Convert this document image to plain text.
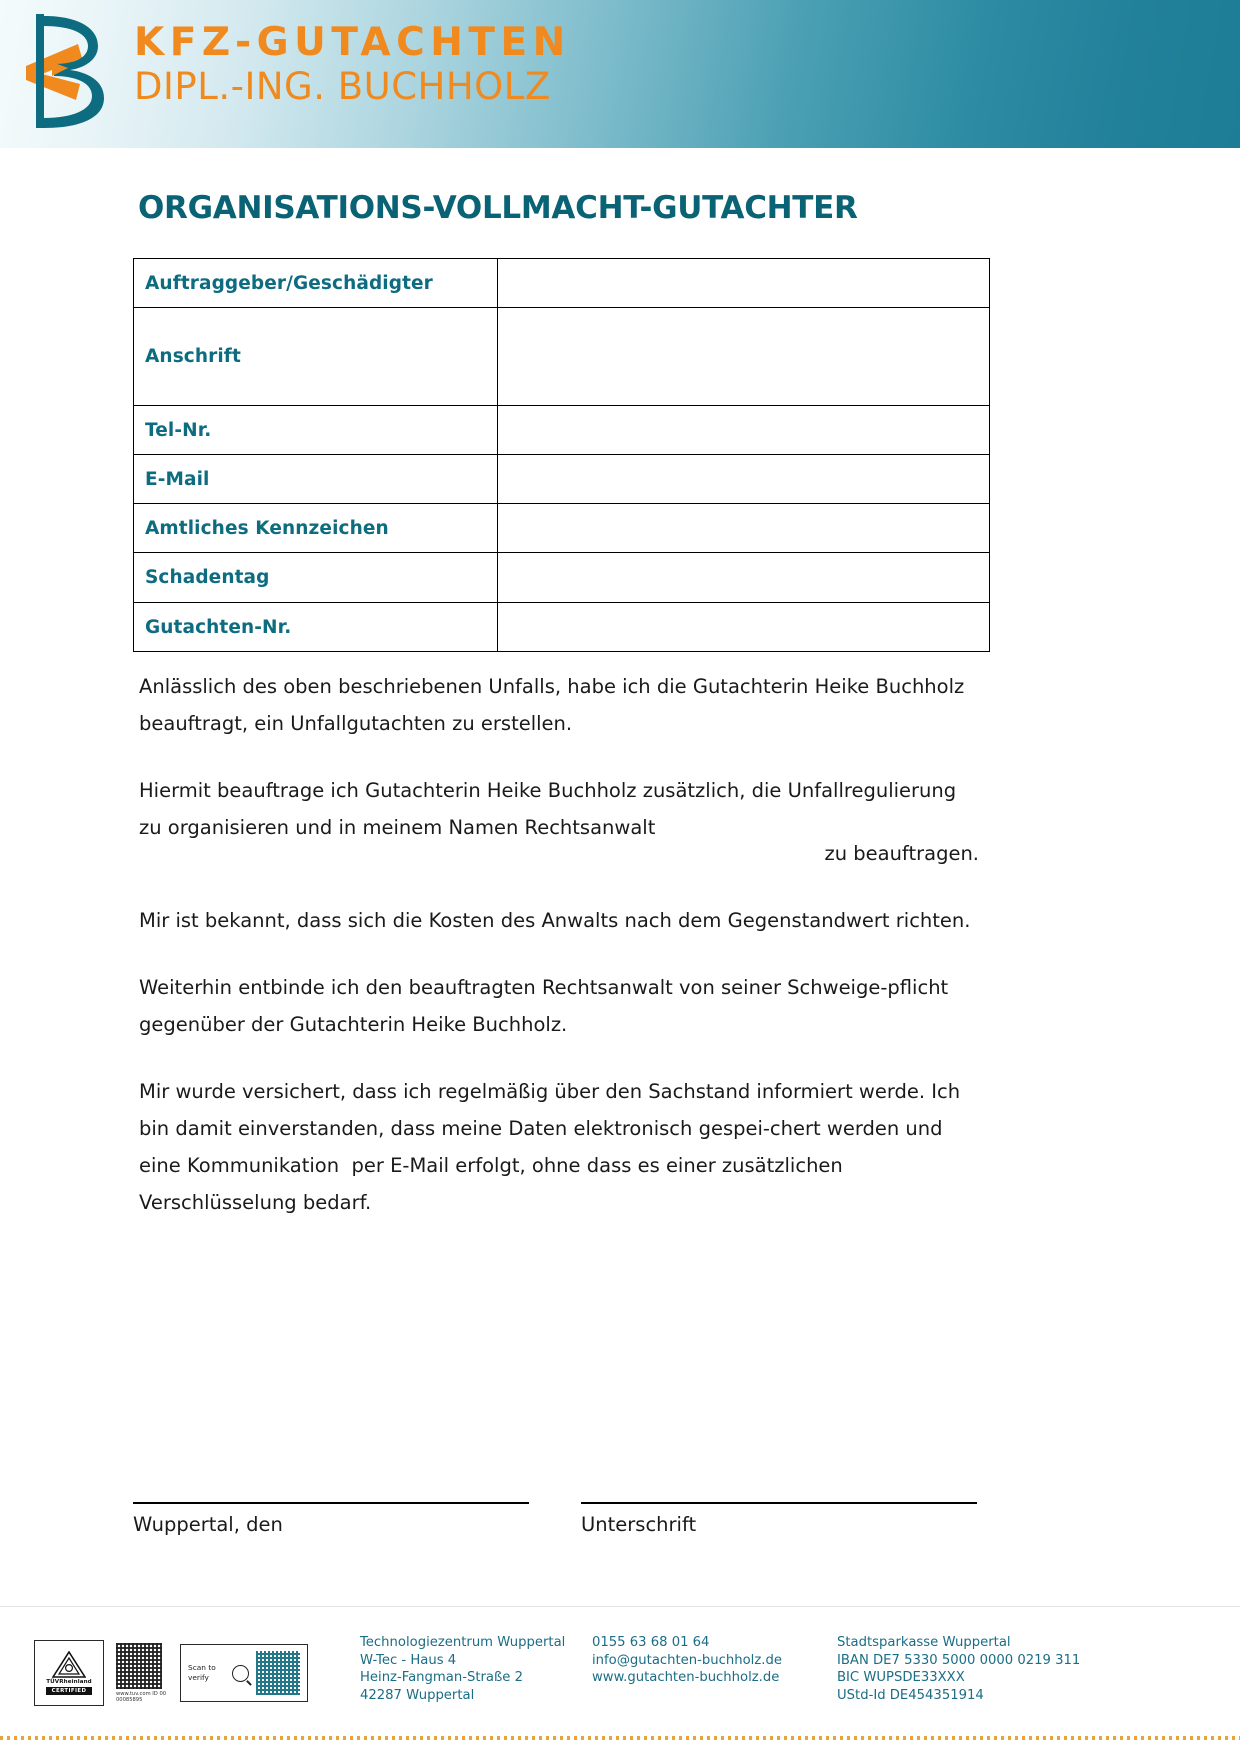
KFZ-GUTACHTEN
DIPL.-ING. BUCHHOLZ
ORGANISATIONS-VOLLMACHT-GUTACHTER
Auftraggeber/Geschädigter	
Anschrift	
Tel-Nr.	
E-Mail	
Amtliches Kennzeichen	
Schadentag	
Gutachten-Nr.	

Anlässlich des oben beschriebenen Unfalls, habe ich die Gutachterin Heike Buchholz beauftragt, ein Unfallgutachten zu erstellen.

Hiermit beauftrage ich Gutachterin Heike Buchholz zusätzlich, die Unfallregulierung zu organisieren und in meinem Namen Rechtsanwalt

zu beauftragen.

Mir ist bekannt, dass sich die Kosten des Anwalts nach dem Gegenstandwert richten.

Weiterhin entbinde ich den beauftragten Rechtsanwalt von seiner Schweige-pflicht gegenüber der Gutachterin Heike Buchholz.

Mir wurde versichert, dass ich regelmäßig über den Sachstand informiert werde. Ich bin damit einverstanden, dass meine Daten elektronisch gespei-chert werden und eine Kommunikation  per E-Mail erfolgt, ohne dass es einer zusätzlichen Verschlüsselung bedarf.

Wuppertal, den	Unterschrift
TÜVRheinland
CERTIFIED	www.tuv.com ID 0000085895
Scan to verify
Technologiezentrum Wuppertal
W-Tec - Haus 4
Heinz-Fangman-Straße 2
42287 Wuppertal
0155 63 68 01 64
info@gutachten-buchholz.de
www.gutachten-buchholz.de
Stadtsparkasse Wuppertal
IBAN DE7 5330 5000 0000 0219 311
BIC WUPSDE33XXX
UStd-Id DE454351914
